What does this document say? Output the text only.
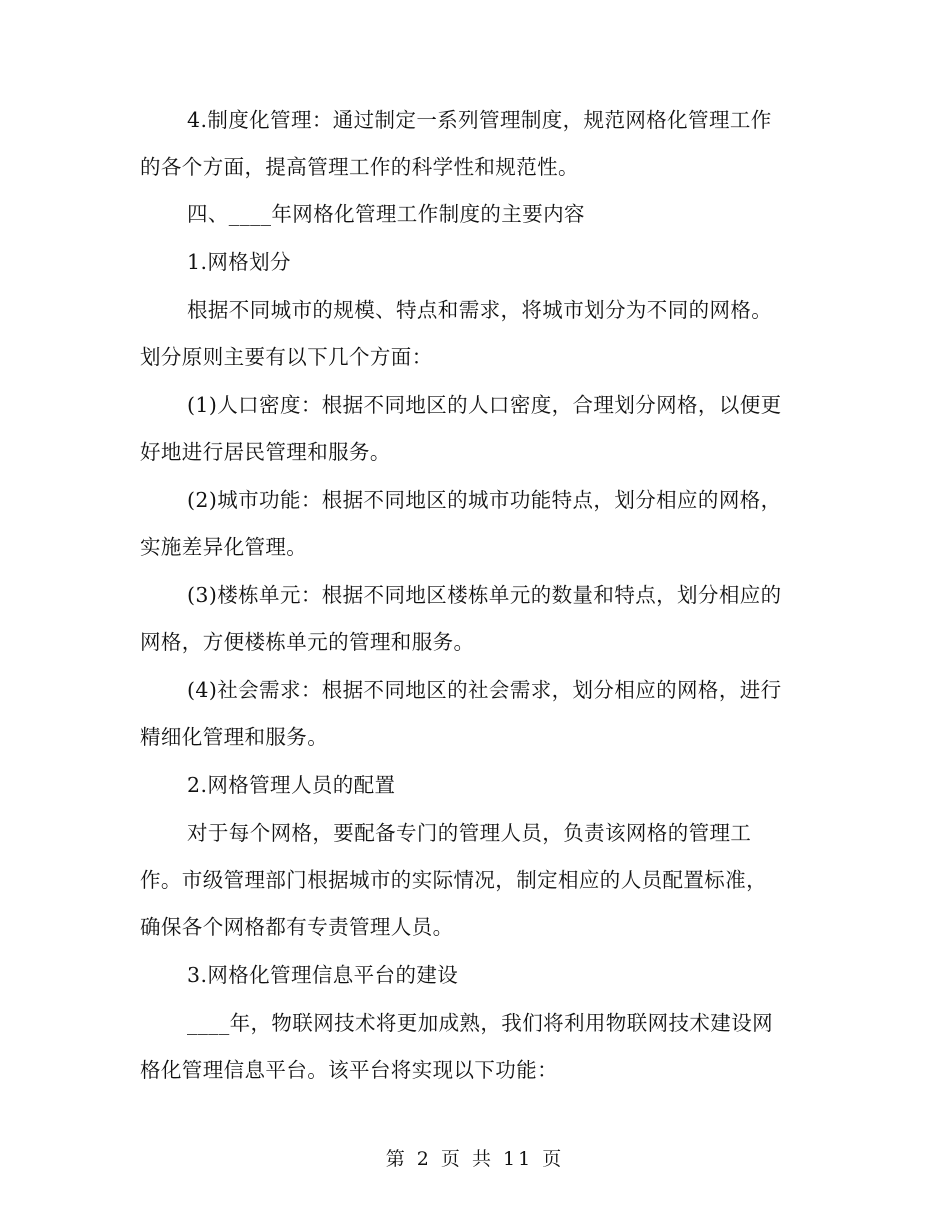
4.制度化管理：通过制定一系列管理制度，规范网格化管理工作
的各个方面，提高管理工作的科学性和规范性。
四、____年网格化管理工作制度的主要内容
1.网格划分
根据不同城市的规模、特点和需求，将城市划分为不同的网格。
划分原则主要有以下几个方面：
(1)人口密度：根据不同地区的人口密度，合理划分网格，以便更
好地进行居民管理和服务。
(2)城市功能：根据不同地区的城市功能特点，划分相应的网格，
实施差异化管理。
(3)楼栋单元：根据不同地区楼栋单元的数量和特点，划分相应的
网格，方便楼栋单元的管理和服务。
(4)社会需求：根据不同地区的社会需求，划分相应的网格，进行
精细化管理和服务。
2.网格管理人员的配置
对于每个网格，要配备专门的管理人员，负责该网格的管理工
作。市级管理部门根据城市的实际情况，制定相应的人员配置标准，
确保各个网格都有专责管理人员。
3.网格化管理信息平台的建设
____年，物联网技术将更加成熟，我们将利用物联网技术建设网
格化管理信息平台。该平台将实现以下功能：
第 2 页 共 11 页
